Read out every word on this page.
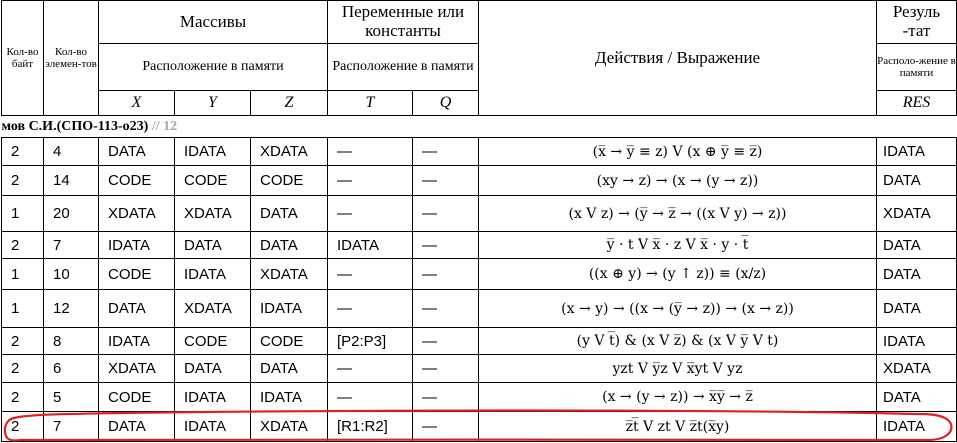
Кол-во байт	Кол-во элемен-тов	Массивы			Переменные или константы		Действия / Выражение	Резуль -тат
		Расположение в памяти			Расположение в памяти			Располо-жение в памяти
		X	Y	Z	T	Q		RES
мов С.И.(СПО-113-о23) // 12								
2	4	DATA	IDATA	XDATA	—	—	(x̅ → y̅ ≡ z) V (x ⊕ y̅ ≡ z̅)	IDATA
2	14	CODE	CODE	CODE	—	—	(xy → z) → (x → (y → z))	DATA
1	20	XDATA	XDATA	DATA	—	—	(x V z) → (y̅ → z̅ → ((x V y) → z))	XDATA
2	7	IDATA	DATA	DATA	IDATA	—	y̅ · t V x̅ · z V x̅ · y · t̅	DATA
1	10	CODE	IDATA	XDATA	—	—	((x ⊕ y) → (y ↑ z)) ≡ (x/z)	DATA
1	12	DATA	XDATA	IDATA	—	—	(x → y) → ((x → (y̅ → z)) → (x → z))	DATA
2	8	IDATA	CODE	CODE	[P2:P3]	—	(y V t̅) & (x V z̅) & (x V y̅ V t)	IDATA
2	6	XDATA	DATA	DATA	—	—	yzt V y̅z V x̅yt V yz	XDATA
2	5	CODE	IDATA	IDATA	—	—	(x → (y → z)) → x̅y̅ → z̅	DATA
2	7	DATA	IDATA	XDATA	[R1:R2]	—	z̅t̅ V zt V z̅t(x̅y)	IDATA
